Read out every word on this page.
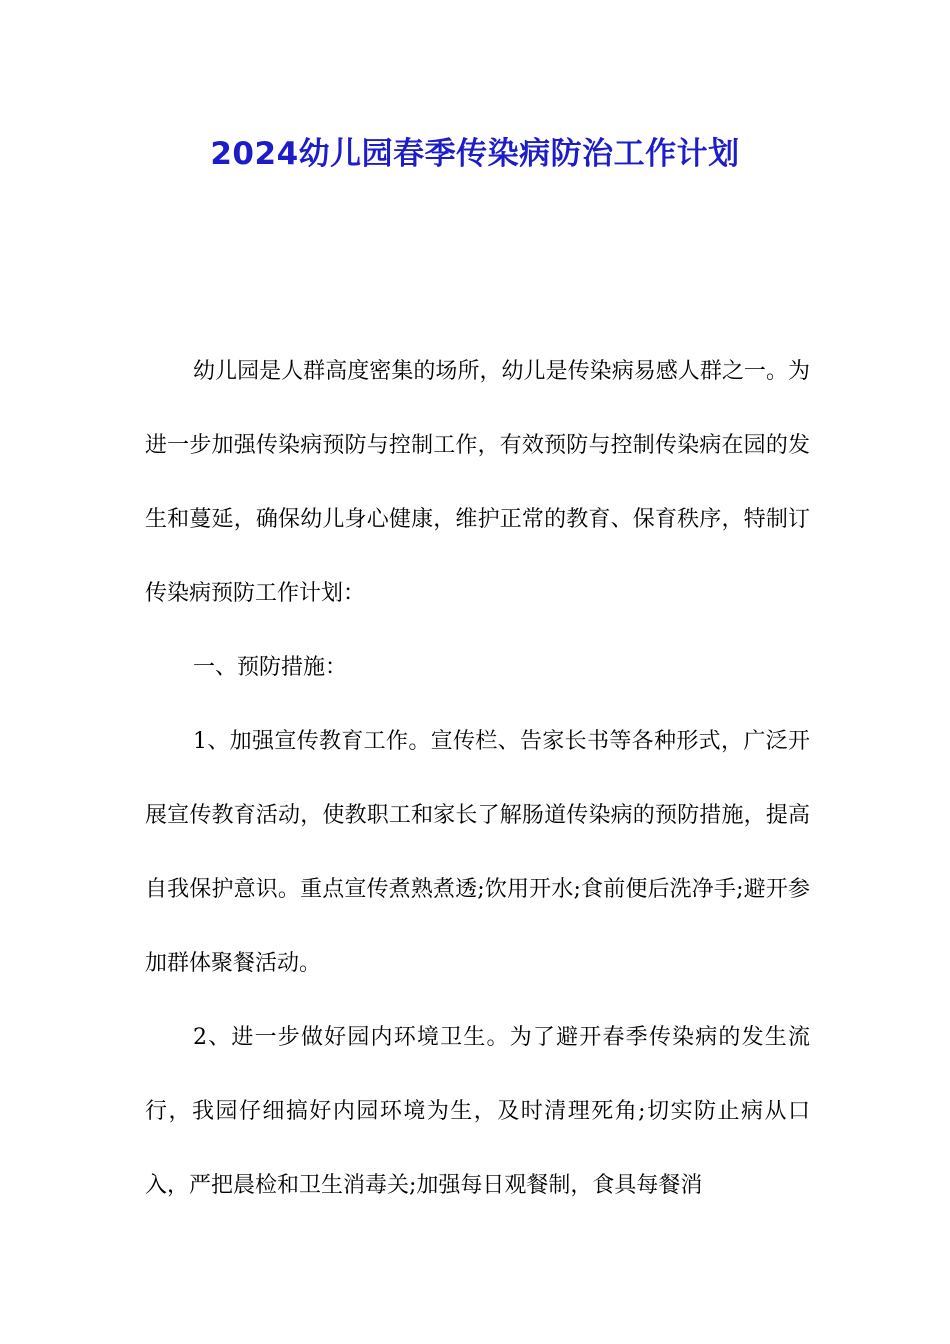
2024幼儿园春季传染病防治工作计划

幼儿园是人群高度密集的场所，幼儿是传染病易感人群之一。为进一步加强传染病预防与控制工作，有效预防与控制传染病在园的发生和蔓延，确保幼儿身心健康，维护正常的教育、保育秩序，特制订传染病预防工作计划：

一、预防措施：

1、加强宣传教育工作。宣传栏、告家长书等各种形式，广泛开展宣传教育活动，使教职工和家长了解肠道传染病的预防措施，提高自我保护意识。重点宣传煮熟煮透;饮用开水;食前便后洗净手;避开参加群体聚餐活动。

2、进一步做好园内环境卫生。为了避开春季传染病的发生流行，我园仔细搞好内园环境为生，及时清理死角;切实防止病从口入，严把晨检和卫生消毒关;加强每日观餐制，食具每餐消
